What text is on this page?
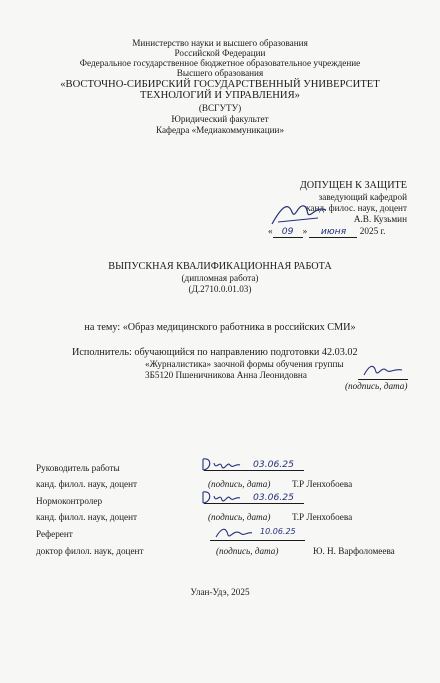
Министерство науки и высшего образования
Российской Федерации
Федеральное государственное бюджетное образовательное учреждение
Высшего образования
«ВОСТОЧНО-СИБИРСКИЙ ГОСУДАРСТВЕННЫЙ УНИВЕРСИТЕТ
ТЕХНОЛОГИЙ И УПРАВЛЕНИЯ»
(ВСГУТУ)
Юридический факультет
Кафедра «Медиакоммуникации»
ДОПУЩЕН К ЗАЩИТЕ
заведующий кафедрой
канд. филос. наук, доцент
А.В. Кузьмин
« 09 » июня 2025 г.
ВЫПУСКНАЯ КВАЛИФИКАЦИОННАЯ РАБОТА
(дипломная работа)
(Д.2710.0.01.03)
на тему: «Образ медицинского работника в российских СМИ»
Исполнитель: обучающийся по направлению подготовки 42.03.02
«Журналистика» заочной формы обучения группы
3Б5120 Пшеничникова Анна Леонидовна
(подпись, дата)
Руководитель работы
канд. филол. наук, доцент
03.06.25
(подпись, дата) Т.Р Ленхобоева
Нормоконтролер
канд. филол. наук, доцент
03.06.25
(подпись, дата) Т.Р Ленхобоева
Референт
доктор филол. наук, доцент
10.06.25
(подпись, дата)	Ю. Н. Варфоломеева
Улан-Удэ, 2025
